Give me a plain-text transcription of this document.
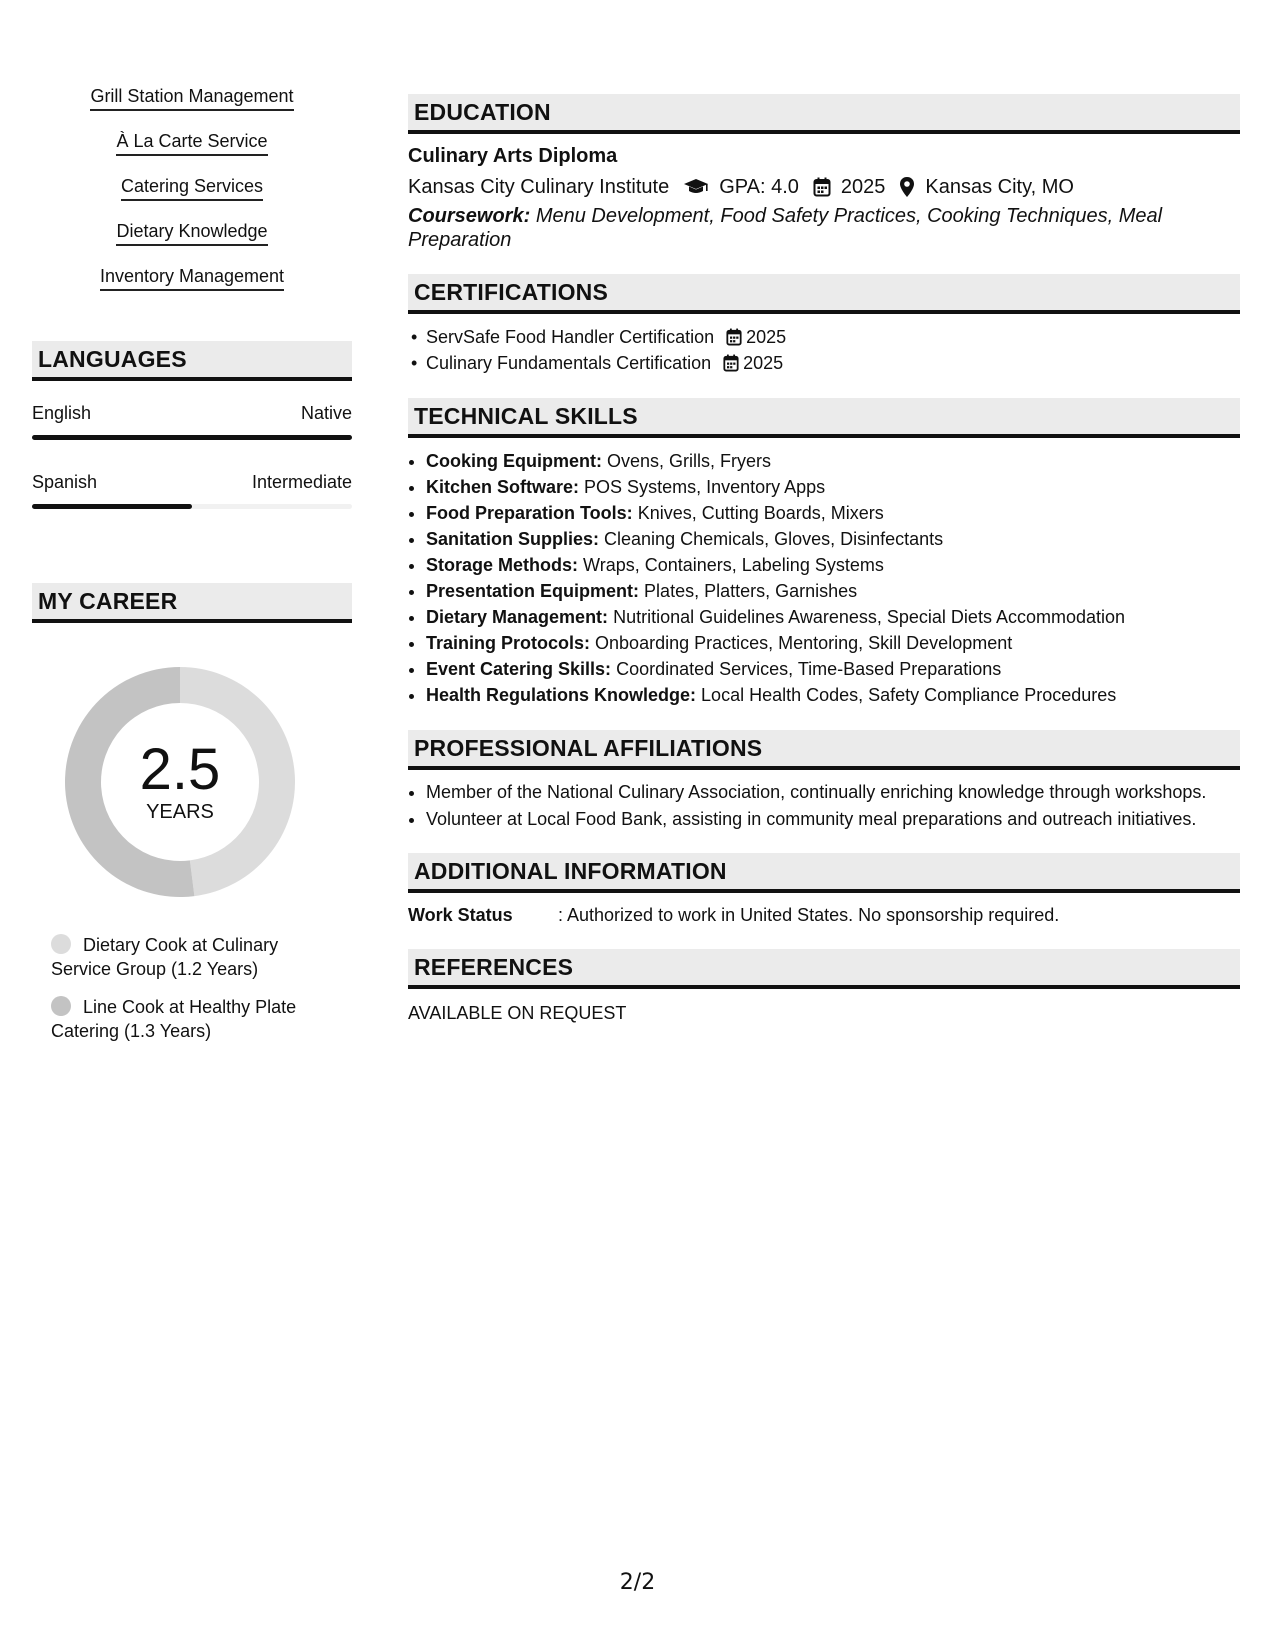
Grill Station Management
À La Carte Service
Catering Services
Dietary Knowledge
Inventory Management
LANGUAGES
English	Native
Spanish	Intermediate
MY CAREER
2.5
YEARS
Dietary Cook at Culinary Service Group (1.2 Years)
Line Cook at Healthy Plate Catering (1.3 Years)
EDUCATION
Culinary Arts Diploma
Kansas City Culinary Institute	GPA: 4.0 2025 Kansas City, MO
Coursework: Menu Development, Food Safety Practices, Cooking Techniques, Meal Preparation
CERTIFICATIONS
• ServSafe Food Handler Certification 2025
• Culinary Fundamentals Certification 2025
TECHNICAL SKILLS
• Cooking Equipment: Ovens, Grills, Fryers
• Kitchen Software: POS Systems, Inventory Apps
• Food Preparation Tools: Knives, Cutting Boards, Mixers
• Sanitation Supplies: Cleaning Chemicals, Gloves, Disinfectants
• Storage Methods: Wraps, Containers, Labeling Systems
• Presentation Equipment: Plates, Platters, Garnishes
• Dietary Management: Nutritional Guidelines Awareness, Special Diets Accommodation
• Training Protocols: Onboarding Practices, Mentoring, Skill Development
• Event Catering Skills: Coordinated Services, Time-Based Preparations
• Health Regulations Knowledge: Local Health Codes, Safety Compliance Procedures
PROFESSIONAL AFFILIATIONS
• Member of the National Culinary Association, continually enriching knowledge through workshops.
• Volunteer at Local Food Bank, assisting in community meal preparations and outreach initiatives.
ADDITIONAL INFORMATION
Work Status	: Authorized to work in United States. No sponsorship required.
REFERENCES
AVAILABLE ON REQUEST
2/2
